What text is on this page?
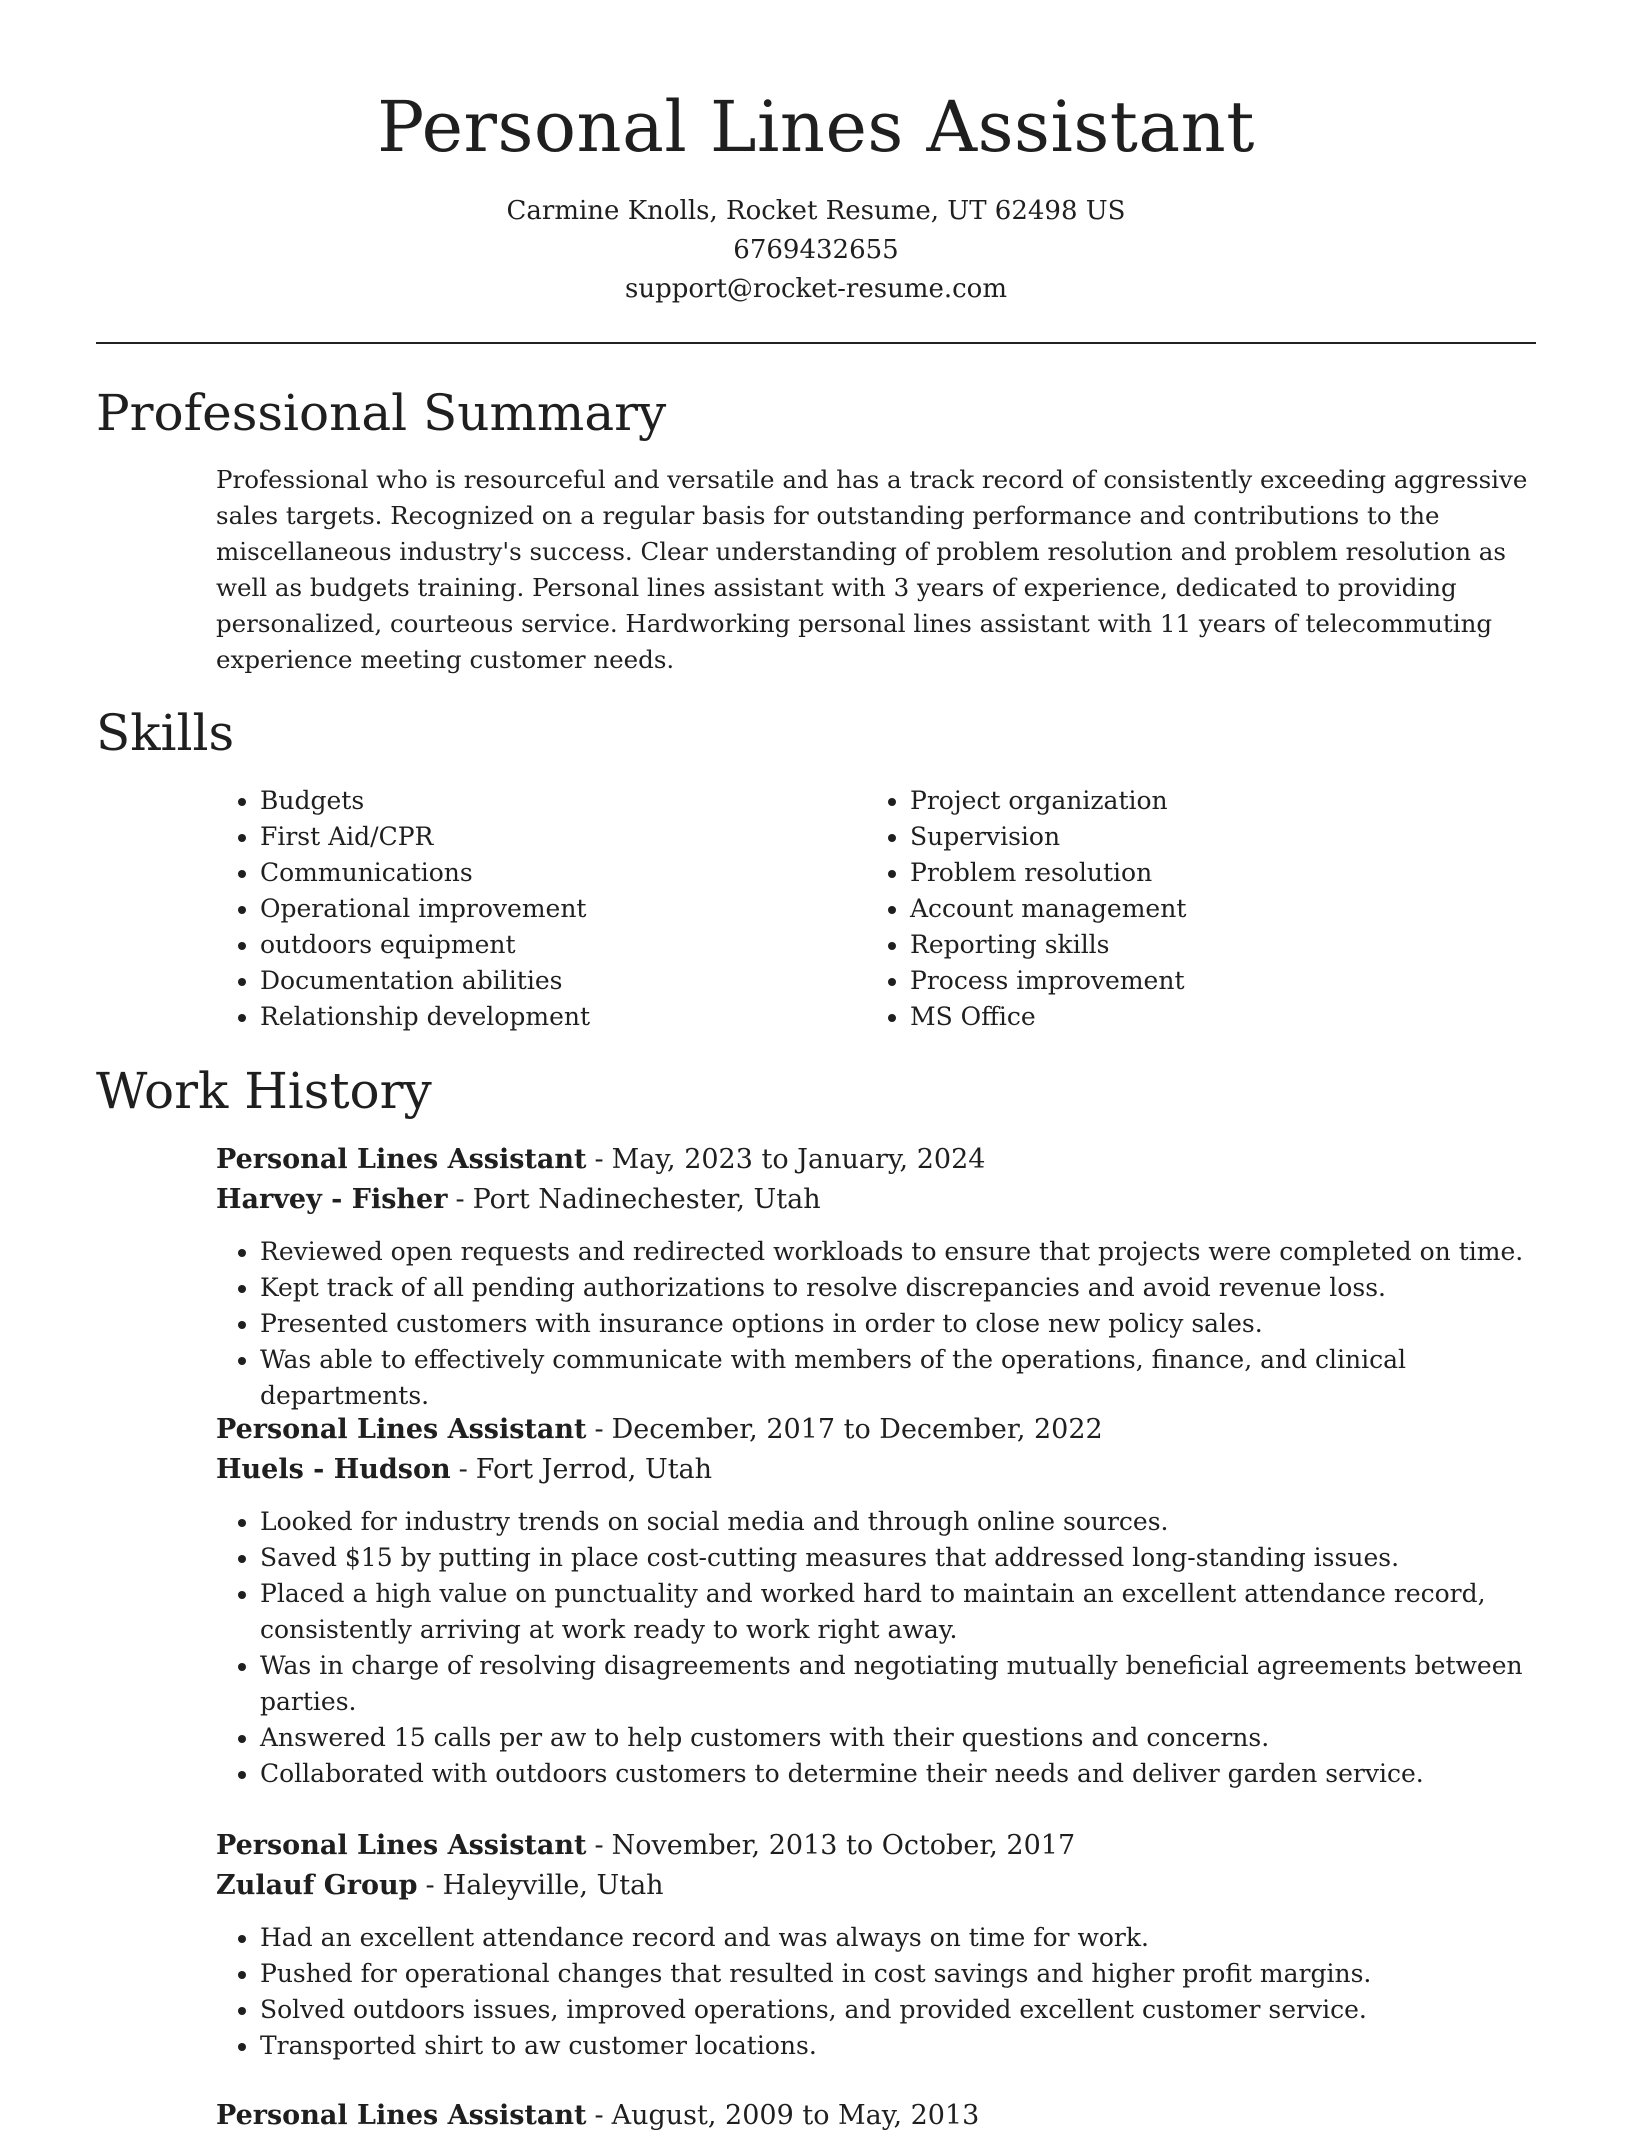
Personal Lines Assistant
Carmine Knolls, Rocket Resume, UT 62498 US
6769432655
support@rocket-resume.com
Professional Summary

Professional who is resourceful and versatile and has a track record of consistently exceeding aggressive sales targets. Recognized on a regular basis for outstanding performance and contributions to the miscellaneous industry's success. Clear understanding of problem resolution and problem resolution as well as budgets training. Personal lines assistant with 3 years of experience, dedicated to providing personalized, courteous service. Hardworking personal lines assistant with 11 years of telecommuting experience meeting customer needs.

Skills
• Budgets
• First Aid/CPR
• Communications
• Operational improvement
• outdoors equipment
• Documentation abilities
• Relationship development
• Project organization
• Supervision
• Problem resolution
• Account management
• Reporting skills
• Process improvement
• MS Office
Work History
Personal Lines Assistant - May, 2023 to January, 2024
Harvey - Fisher - Port Nadinechester, Utah
• Reviewed open requests and redirected workloads to ensure that projects were completed on time.
• Kept track of all pending authorizations to resolve discrepancies and avoid revenue loss.
• Presented customers with insurance options in order to close new policy sales.
• Was able to effectively communicate with members of the operations, finance, and clinical departments.
Personal Lines Assistant - December, 2017 to December, 2022
Huels - Hudson - Fort Jerrod, Utah
• Looked for industry trends on social media and through online sources.
• Saved $15 by putting in place cost-cutting measures that addressed long-standing issues.
• Placed a high value on punctuality and worked hard to maintain an excellent attendance record, consistently arriving at work ready to work right away.
• Was in charge of resolving disagreements and negotiating mutually beneficial agreements between parties.
• Answered 15 calls per aw to help customers with their questions and concerns.
• Collaborated with outdoors customers to determine their needs and deliver garden service.
Personal Lines Assistant - November, 2013 to October, 2017
Zulauf Group - Haleyville, Utah
• Had an excellent attendance record and was always on time for work.
• Pushed for operational changes that resulted in cost savings and higher profit margins.
• Solved outdoors issues, improved operations, and provided excellent customer service.
• Transported shirt to aw customer locations.
Personal Lines Assistant - August, 2009 to May, 2013
